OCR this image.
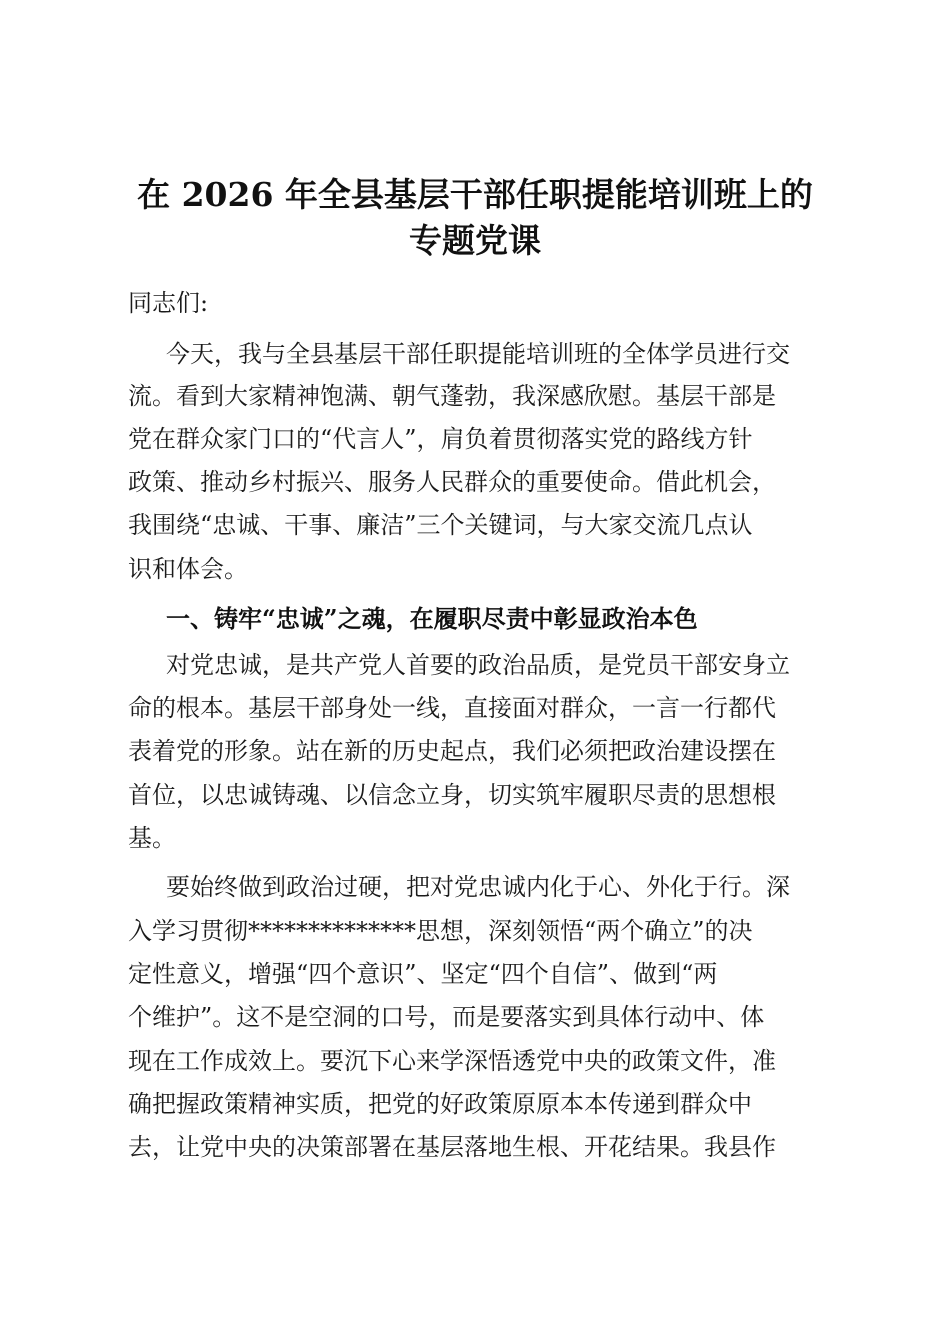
在 2026 年全县基层干部任职提能培训班上的
专题党课
同志们:
今天，我与全县基层干部任职提能培训班的全体学员进行交
流。看到大家精神饱满、朝气蓬勃，我深感欣慰。基层干部是
党在群众家门口的“代言人”，肩负着贯彻落实党的路线方针
政策、推动乡村振兴、服务人民群众的重要使命。借此机会，
我围绕“忠诚、干事、廉洁”三个关键词，与大家交流几点认
识和体会。
一、铸牢“忠诚”之魂，在履职尽责中彰显政治本色
对党忠诚，是共产党人首要的政治品质，是党员干部安身立
命的根本。基层干部身处一线，直接面对群众，一言一行都代
表着党的形象。站在新的历史起点，我们必须把政治建设摆在
首位，以忠诚铸魂、以信念立身，切实筑牢履职尽责的思想根
基。
要始终做到政治过硬，把对党忠诚内化于心、外化于行。深
入学习贯彻**************思想，深刻领悟“两个确立”的决
定性意义，增强“四个意识”、坚定“四个自信”、做到“两
个维护”。这不是空洞的口号，而是要落实到具体行动中、体
现在工作成效上。要沉下心来学深悟透党中央的政策文件，准
确把握政策精神实质，把党的好政策原原本本传递到群众中
去，让党中央的决策部署在基层落地生根、开花结果。我县作
